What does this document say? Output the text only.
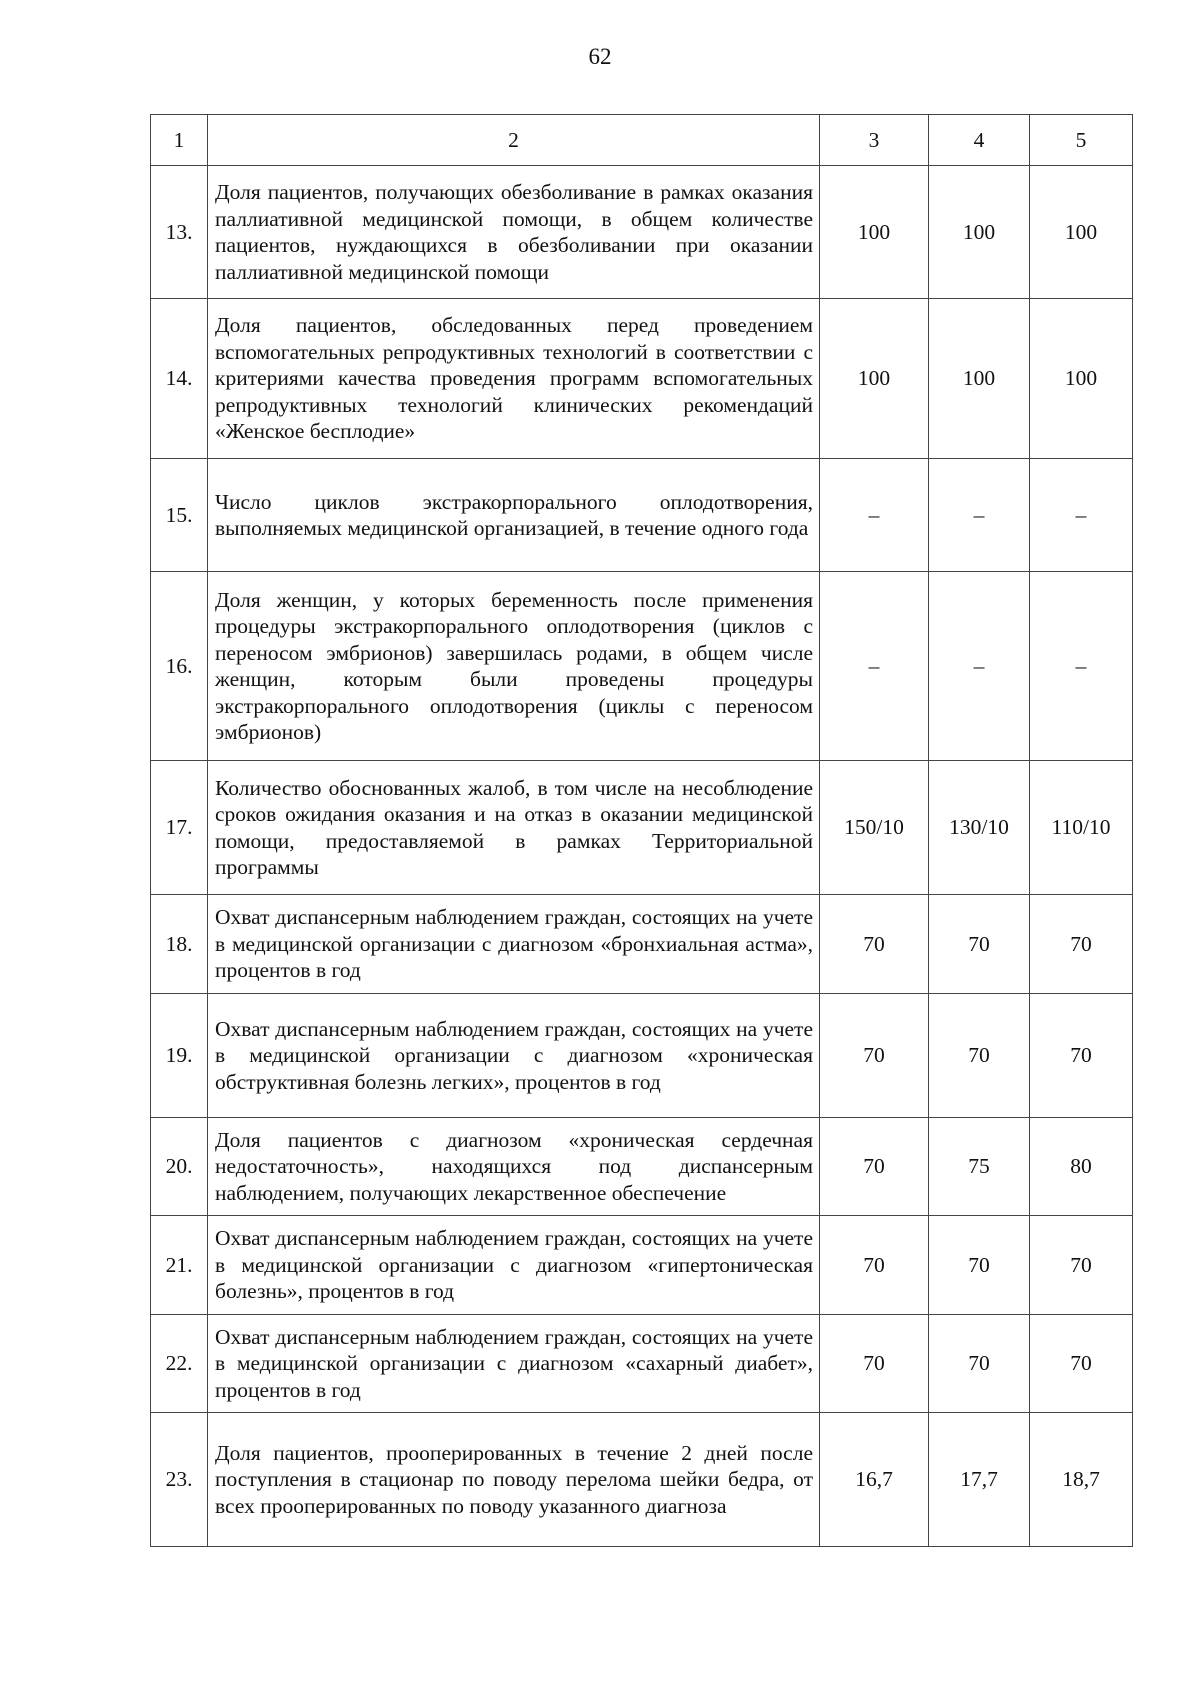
62
1	2	3	4	5
13.	Доля пациентов, получающих обезболивание в рамках оказания паллиативной медицинской помощи, в общем количестве пациентов, нуждающихся в обезболивании при оказании паллиативной медицинской помощи	100	100	100
14.	Доля пациентов, обследованных перед проведением вспомогательных репродуктивных технологий в соответствии с критериями качества проведения программ вспомогательных репродуктивных технологий клинических рекомендаций «Женское бесплодие»	100	100	100
15.	Число циклов экстракорпорального оплодотворения, выполняемых медицинской организацией, в течение одного года	–	–	–
16.	Доля женщин, у которых беременность после применения процедуры экстракорпорального оплодотворения (циклов с переносом эмбрионов) завершилась родами, в общем числе женщин, которым были проведены процедуры экстракорпорального оплодотворения (циклы с переносом эмбрионов)	–	–	–
17.	Количество обоснованных жалоб, в том числе на несоблюдение сроков ожидания оказания и на отказ в оказании медицинской помощи, предоставляемой в рамках Территориальной программы	150/10	130/10	110/10
18.	Охват диспансерным наблюдением граждан, состоящих на учете в медицинской организации с диагнозом «бронхиальная астма», процентов в год	70	70	70
19.	Охват диспансерным наблюдением граждан, состоящих на учете в медицинской организации с диагнозом «хроническая обструктивная болезнь легких», процентов в год	70	70	70
20.	Доля пациентов с диагнозом «хроническая сердечная недостаточность», находящихся под диспансерным наблюдением, получающих лекарственное обеспечение	70	75	80
21.	Охват диспансерным наблюдением граждан, состоящих на учете в медицинской организации с диагнозом «гипертоническая болезнь», процентов в год	70	70	70
22.	Охват диспансерным наблюдением граждан, состоящих на учете в медицинской организации с диагнозом «сахарный диабет», процентов в год	70	70	70
23.	Доля пациентов, прооперированных в течение 2 дней после поступления в стационар по поводу перелома шейки бедра, от всех прооперированных по поводу указанного диагноза	16,7	17,7	18,7
